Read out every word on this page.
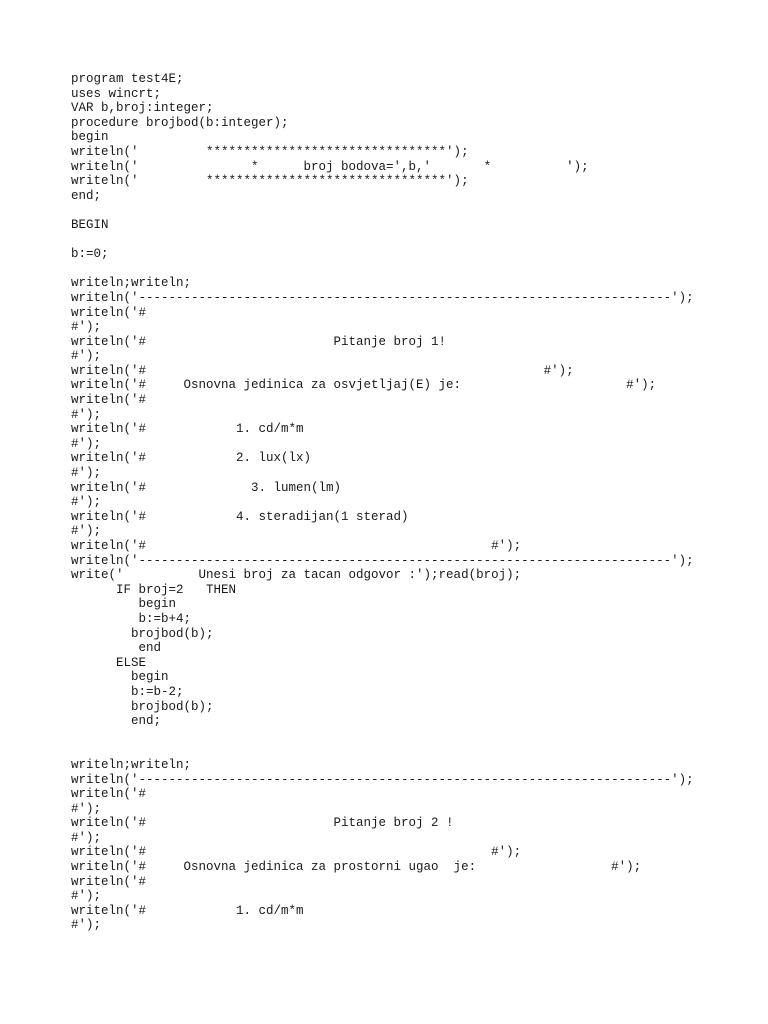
program test4E;
uses wincrt;
VAR b,broj:integer;
procedure brojbod(b:integer);
begin
writeln('         ********************************');
writeln('               *      broj bodova=',b,'       *          ');
writeln('         ********************************');
end;
BEGIN
b:=0;
writeln;writeln;
writeln('-----------------------------------------------------------------------');
writeln('#
#');
writeln('#                         Pitanje broj 1!
#');
writeln('#                                                     #');
writeln('#     Osnovna jedinica za osvjetljaj(E) je:                      #');
writeln('#
#');
writeln('#            1. cd/m*m
#');
writeln('#            2. lux(lx)
#');
writeln('#              3. lumen(lm)
#');
writeln('#            4. steradijan(1 sterad)
#');
writeln('#                                              #');
writeln('-----------------------------------------------------------------------');
write('          Unesi broj za tacan odgovor :');read(broj);
IF broj=2   THEN
begin
b:=b+4;
brojbod(b);
end
ELSE
begin
b:=b-2;
brojbod(b);
end;
writeln;writeln;
writeln('-----------------------------------------------------------------------');
writeln('#
#');
writeln('#                         Pitanje broj 2 !
#');
writeln('#                                              #');
writeln('#     Osnovna jedinica za prostorni ugao  je:                  #');
writeln('#
#');
writeln('#            1. cd/m*m
#');
